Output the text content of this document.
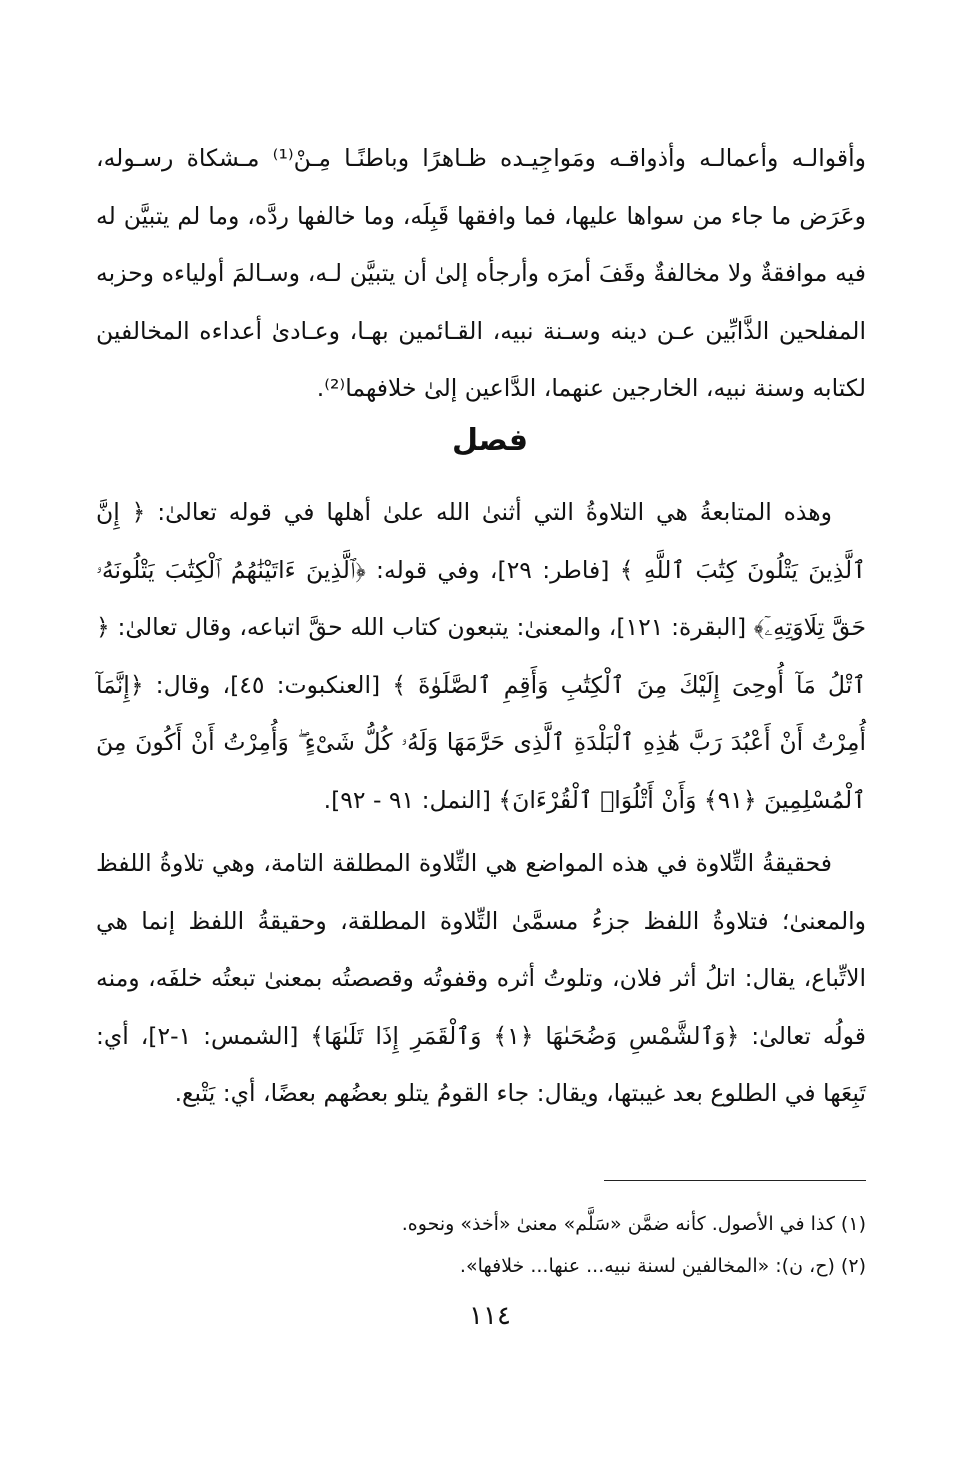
وأقوالـه وأعمالـه وأذواقـه ومَواجِيـده ظـاهرًا وباطنًـا مِـنْ⁽¹⁾ مـشكاة رسـوله، وعَرَض ما جاء من سواها عليها، فما وافقها قَبِلَه، وما خالفها ردَّه، وما لم يتبيَّن له فيه موافقةٌ ولا مخالفةٌ وقَفَ أمرَه وأرجأه إلىٰ أن يتبيَّن لـه، وسـالمَ أولياءه وحزبه المفلحين الذَّابِّين عـن دينه وسـنة نبيه، القـائمين بهـا، وعـادىٰ أعداءه المخالفين لكتابه وسنة نبيه، الخارجين عنهما، الدَّاعين إلىٰ خلافهما⁽²⁾.

فصل

وهذه المتابعةُ هي التلاوةُ التي أثنىٰ الله علىٰ أهلها في قوله تعالىٰ: ﴿ إِنَّ ٱلَّذِينَ يَتْلُونَ كِتَٰبَ ٱللَّهِ ﴾ [فاطر: ٢٩]، وفي قوله: ﴿ٱلَّذِينَ ءَاتَيْنَٰهُمُ ٱلْكِتَٰبَ يَتْلُونَهُۥ حَقَّ تِلَاوَتِهِۦٓ﴾ [البقرة: ١٢١]، والمعنىٰ: يتبعون كتاب الله حقَّ اتباعه، وقال تعالىٰ: ﴿ ٱتْلُ مَآ أُوحِىَ إِلَيْكَ مِنَ ٱلْكِتَٰبِ وَأَقِمِ ٱلصَّلَوٰةَ ﴾ [العنكبوت: ٤٥]، وقال: ﴿إِنَّمَآ أُمِرْتُ أَنْ أَعْبُدَ رَبَّ هَٰذِهِ ٱلْبَلْدَةِ ٱلَّذِى حَرَّمَهَا وَلَهُۥ كُلُّ شَىْءٍ ۖ وَأُمِرْتُ أَنْ أَكُونَ مِنَ ٱلْمُسْلِمِينَ ﴿٩١﴾ وَأَنْ أَتْلُوَا۟ ٱلْقُرْءَانَ﴾ [النمل: ٩١ - ٩٢].

فحقيقةُ التِّلاوة في هذه المواضع هي التِّلاوة المطلقة التامة، وهي تلاوةُ اللفظ والمعنىٰ؛ فتلاوةُ اللفظ جزءُ مسمَّىٰ التِّلاوة المطلقة، وحقيقةُ اللفظ إنما هي الاتِّباع، يقال: اتلُ أثر فلان، وتلوتُ أثره وقفوتُه وقصصتُه بمعنىٰ تبعتُه خلفَه، ومنه قولُه تعالىٰ: ﴿وَٱلشَّمْسِ وَضُحَىٰهَا ﴿١﴾ وَٱلْقَمَرِ إِذَا تَلَىٰهَا﴾ [الشمس: ١-٢]، أي: تَبِعَها في الطلوع بعد غيبتها، ويقال: جاء القومُ يتلو بعضُهم بعضًا، أي: يَتْبع.

(١) كذا في الأصول. كأنه ضمَّن «سَلَّم» معنىٰ «أخذ» ونحوه.

(٢) (ح، ن): «المخالفين لسنة نبيه... عنها... خلافها».

١١٤
